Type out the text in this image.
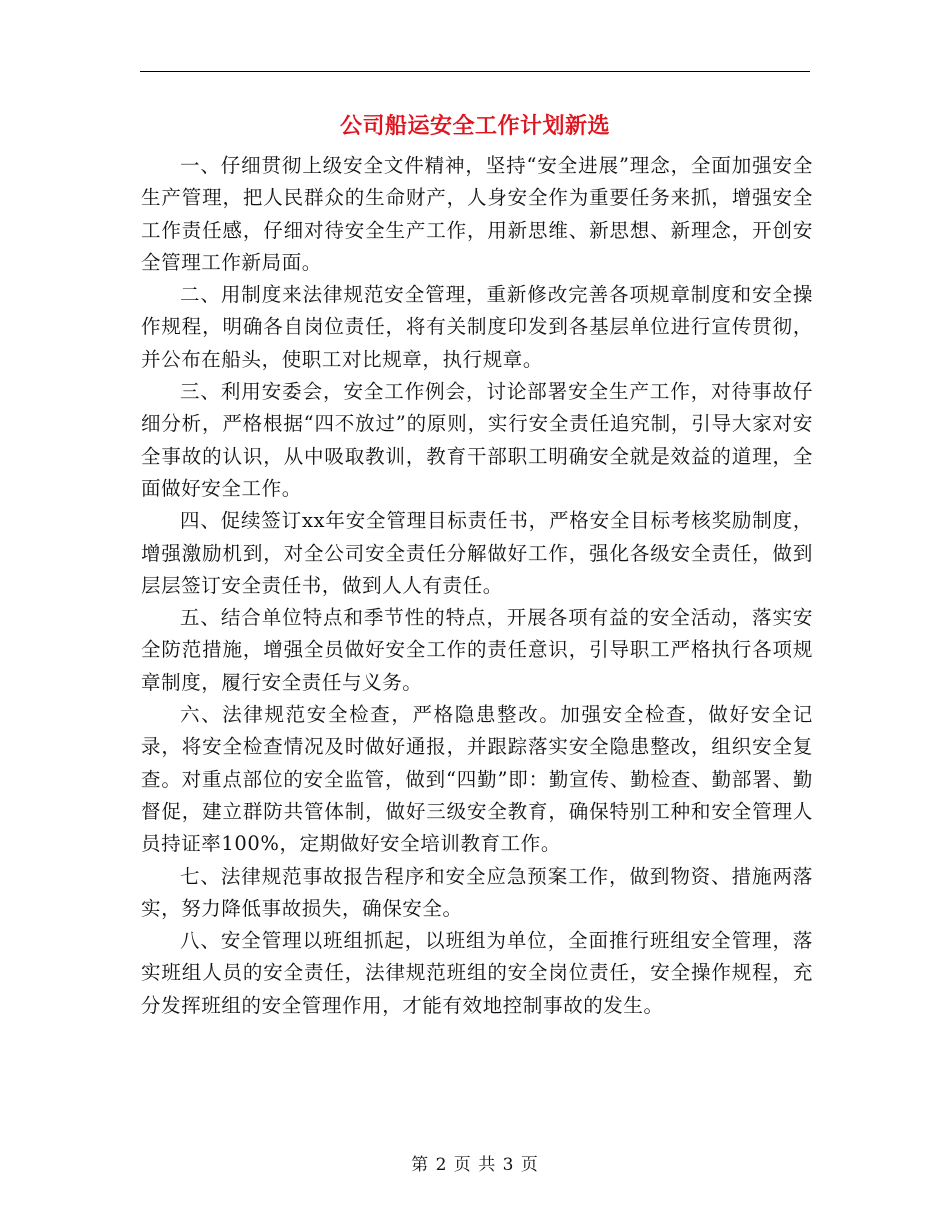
公司船运安全工作计划新选

一、仔细贯彻上级安全文件精神，坚持“安全进展”理念，全面加强安全生产管理，把人民群众的生命财产，人身安全作为重要任务来抓，增强安全工作责任感，仔细对待安全生产工作，用新思维、新思想、新理念，开创安全管理工作新局面。

二、用制度来法律规范安全管理，重新修改完善各项规章制度和安全操作规程，明确各自岗位责任，将有关制度印发到各基层单位进行宣传贯彻，并公布在船头，使职工对比规章，执行规章。

三、利用安委会，安全工作例会，讨论部署安全生产工作，对待事故仔细分析，严格根据“四不放过”的原则，实行安全责任追究制，引导大家对安全事故的认识，从中吸取教训，教育干部职工明确安全就是效益的道理，全面做好安全工作。

四、促续签订xx年安全管理目标责任书，严格安全目标考核奖励制度，增强激励机到，对全公司安全责任分解做好工作，强化各级安全责任，做到层层签订安全责任书，做到人人有责任。

五、结合单位特点和季节性的特点，开展各项有益的安全活动，落实安全防范措施，增强全员做好安全工作的责任意识，引导职工严格执行各项规章制度，履行安全责任与义务。

六、法律规范安全检查，严格隐患整改。加强安全检查，做好安全记录，将安全检查情况及时做好通报，并跟踪落实安全隐患整改，组织安全复查。对重点部位的安全监管，做到“四勤”即：勤宣传、勤检查、勤部署、勤督促，建立群防共管体制，做好三级安全教育，确保特别工种和安全管理人员持证率100%，定期做好安全培训教育工作。

七、法律规范事故报告程序和安全应急预案工作，做到物资、措施两落实，努力降低事故损失，确保安全。

八、安全管理以班组抓起，以班组为单位，全面推行班组安全管理，落实班组人员的安全责任，法律规范班组的安全岗位责任，安全操作规程，充分发挥班组的安全管理作用，才能有效地控制事故的发生。

第 2 页 共 3 页
